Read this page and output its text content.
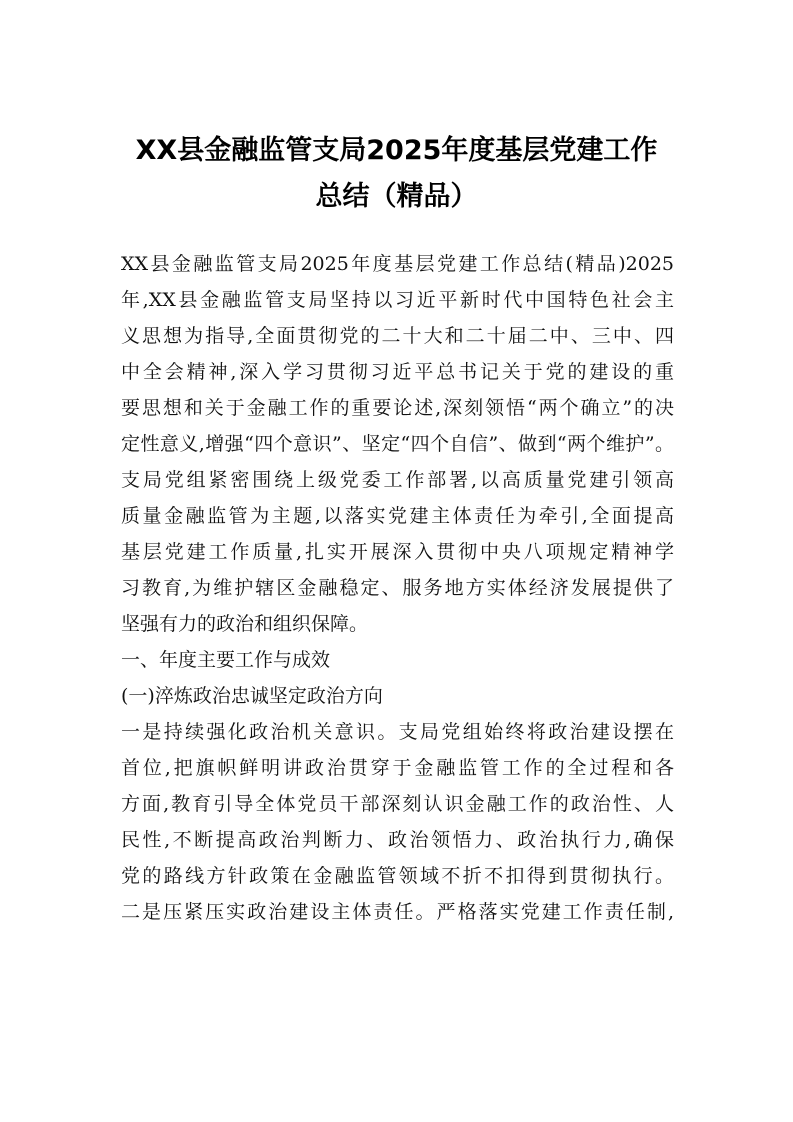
XX县金融监管支局2025年度基层党建工作
总结（精品）
XX县金融监管支局2025年度基层党建工作总结(精品)2025
年,XX县金融监管支局坚持以习近平新时代中国特色社会主
义思想为指导,全面贯彻党的二十大和二十届二中、三中、四
中全会精神,深入学习贯彻习近平总书记关于党的建设的重
要思想和关于金融工作的重要论述,深刻领悟“两个确立”的决
定性意义,增强“四个意识”、坚定“四个自信”、做到“两个维护”。
支局党组紧密围绕上级党委工作部署,以高质量党建引领高
质量金融监管为主题,以落实党建主体责任为牵引,全面提高
基层党建工作质量,扎实开展深入贯彻中央八项规定精神学
习教育,为维护辖区金融稳定、服务地方实体经济发展提供了
坚强有力的政治和组织保障。
一、年度主要工作与成效
(一)淬炼政治忠诚坚定政治方向
一是持续强化政治机关意识。支局党组始终将政治建设摆在
首位,把旗帜鲜明讲政治贯穿于金融监管工作的全过程和各
方面,教育引导全体党员干部深刻认识金融工作的政治性、人
民性,不断提高政治判断力、政治领悟力、政治执行力,确保
党的路线方针政策在金融监管领域不折不扣得到贯彻执行。
二是压紧压实政治建设主体责任。严格落实党建工作责任制,
